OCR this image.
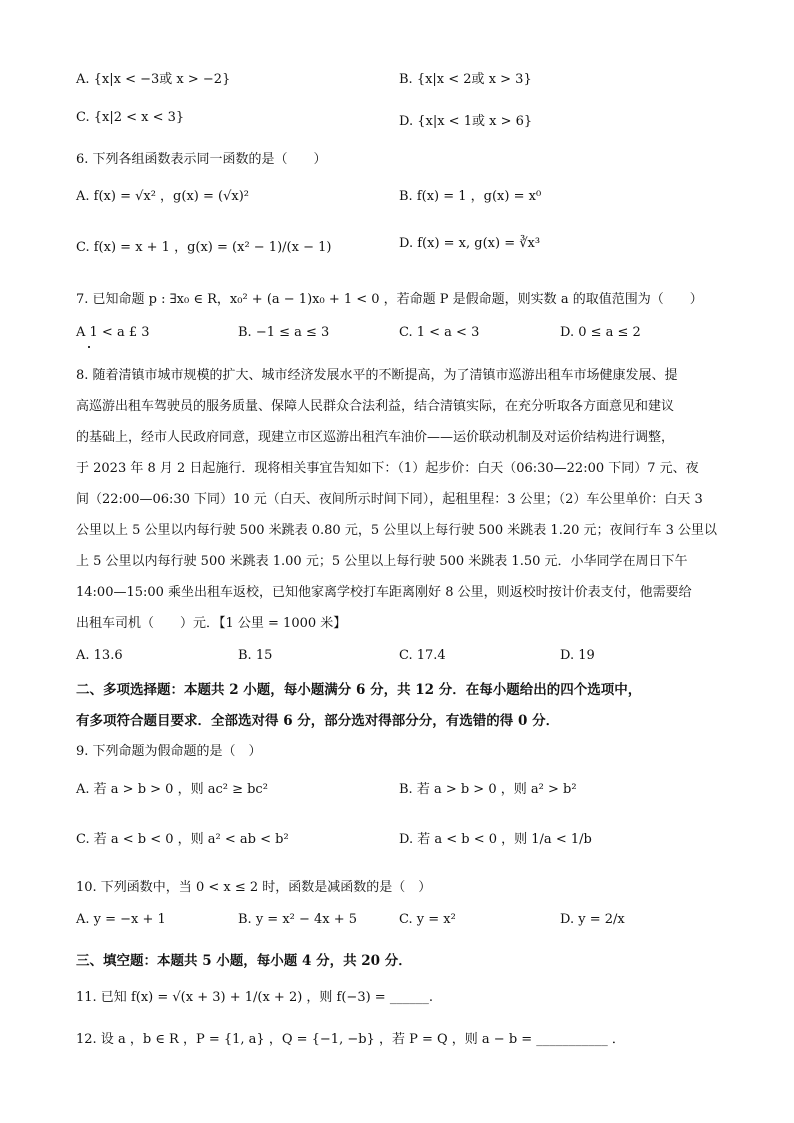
A. {x|x < −3或 x > −2}	B. {x|x < 2或 x > 3}
C. {x|2 < x < 3}	D. {x|x < 1或 x > 6}
6. 下列各组函数表示同一函数的是（　　）
A. f(x) = √x² ，g(x) = (√x)²	B. f(x) = 1 ，g(x) = x⁰
C. f(x) = x + 1 ，g(x) = (x² − 1)/(x − 1)	D. f(x) = x, g(x) = ∛x³
7. 已知命题 p : ∃x₀ ∈ R，x₀² + (a − 1)x₀ + 1 < 0 ，若命题 P 是假命题，则实数 a 的取值范围为（　　）
A 1 < a £ 3	B. −1 ≤ a ≤ 3	C. 1 < a < 3	D. 0 ≤ a ≤ 2
8. 随着清镇市城市规模的扩大、城市经济发展水平的不断提高，为了清镇市巡游出租车市场健康发展、提
高巡游出租车驾驶员的服务质量、保障人民群众合法利益，结合清镇实际，在充分听取各方面意见和建议
的基础上，经市人民政府同意，现建立市区巡游出租汽车油价——运价联动机制及对运价结构进行调整，
于 2023 年 8 月 2 日起施行．现将相关事宜告知如下：（1）起步价：白天（06:30—22:00 下同）7 元、夜
间（22:00—06:30 下同）10 元（白天、夜间所示时间下同），起租里程：3 公里；（2）车公里单价：白天 3
公里以上 5 公里以内每行驶 500 米跳表 0.80 元，5 公里以上每行驶 500 米跳表 1.20 元；夜间行车 3 公里以
上 5 公里以内每行驶 500 米跳表 1.00 元；5 公里以上每行驶 500 米跳表 1.50 元．小华同学在周日下午
14:00—15:00 乘坐出租车返校，已知他家离学校打车距离刚好 8 公里，则返校时按计价表支付，他需要给
出租车司机（　　）元．【1 公里 = 1000 米】
A. 13.6	B. 15	C. 17.4	D. 19
二、多项选择题：本题共 2 小题，每小题满分 6 分，共 12 分．在每小题给出的四个选项中，
有多项符合题目要求．全部选对得 6 分，部分选对得部分分，有选错的得 0 分．
9. 下列命题为假命题的是（　）
A. 若 a > b > 0 ，则 ac² ≥ bc²	B. 若 a > b > 0 ，则 a² > b²
C. 若 a < b < 0 ，则 a² < ab < b²	D. 若 a < b < 0 ，则 1/a < 1/b
10. 下列函数中，当 0 < x ≤ 2 时，函数是减函数的是（　）
A. y = −x + 1	B. y = x² − 4x + 5	C. y = x²	D. y = 2/x
三、填空题：本题共 5 小题，每小题 4 分，共 20 分．
11. 已知 f(x) = √(x + 3) + 1/(x + 2) ，则 f(−3) = ______.
12. 设 a ，b ∈ R ，P = {1, a} ，Q = {−1, −b} ，若 P = Q ，则 a − b = ___________ ．
